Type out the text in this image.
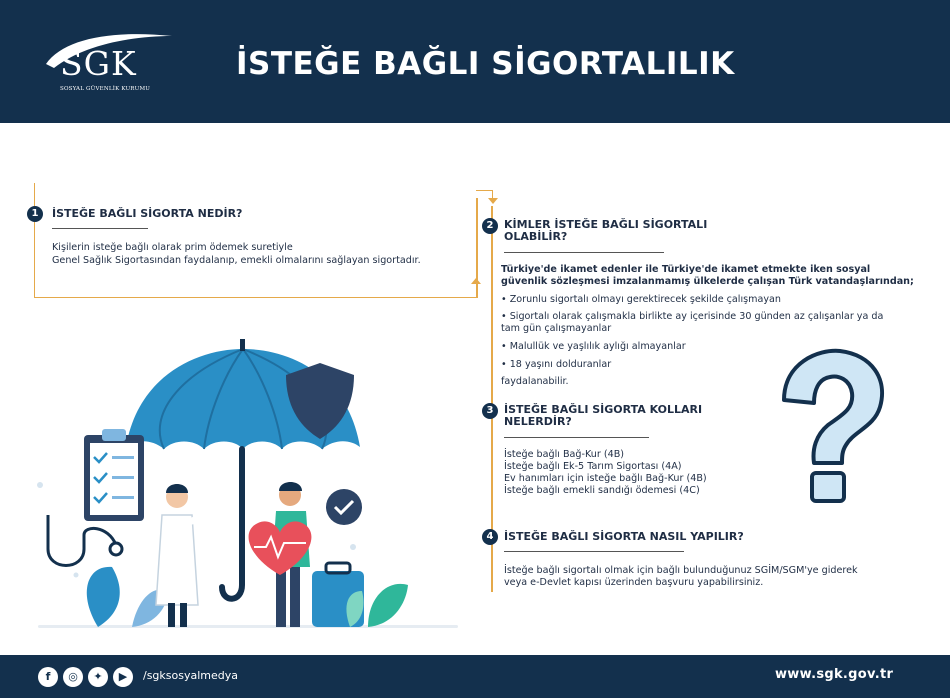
SGK
SOSYAL GÜVENLİK KURUMU
İSTEĞE BAĞLI SİGORTALILIK
1	İSTEĞE BAĞLI SİGORTA NEDİR?
Kişilerin isteğe bağlı olarak prim ödemek suretiyle
Genel Sağlık Sigortasından faydalanıp, emekli olmalarını sağlayan sigortadır.
2 KİMLER İSTEĞE BAĞLI SİGORTALI
OLABİLİR?
Türkiye'de ikamet edenler ile Türkiye'de ikamet etmekte iken sosyal
güvenlik sözleşmesi imzalanmamış ülkelerde çalışan Türk vatandaşlarından;
• Zorunlu sigortalı olmayı gerektirecek şekilde çalışmayan
• Sigortalı olarak çalışmakla birlikte ay içerisinde 30 günden az çalışanlar ya da
tam gün çalışmayanlar
• Malullük ve yaşlılık aylığı almayanlar
• 18 yaşını dolduranlar
faydalanabilir.
3 İSTEĞE BAĞLI SİGORTA KOLLARI
NELERDİR?
İsteğe bağlı Bağ-Kur (4B)
İsteğe bağlı Ek-5 Tarım Sigortası (4A)
Ev hanımları için isteğe bağlı Bağ-Kur (4B)
İsteğe bağlı emekli sandığı ödemesi (4C)
4 İSTEĞE BAĞLI SİGORTA NASIL YAPILIR?
İsteğe bağlı sigortalı olmak için bağlı bulunduğunuz SGİM/SGM'ye giderek
veya e-Devlet kapısı üzerinden başvuru yapabilirsiniz.
f	◎	✦	▶	/sgksosyalmedya	www.sgk.gov.tr
